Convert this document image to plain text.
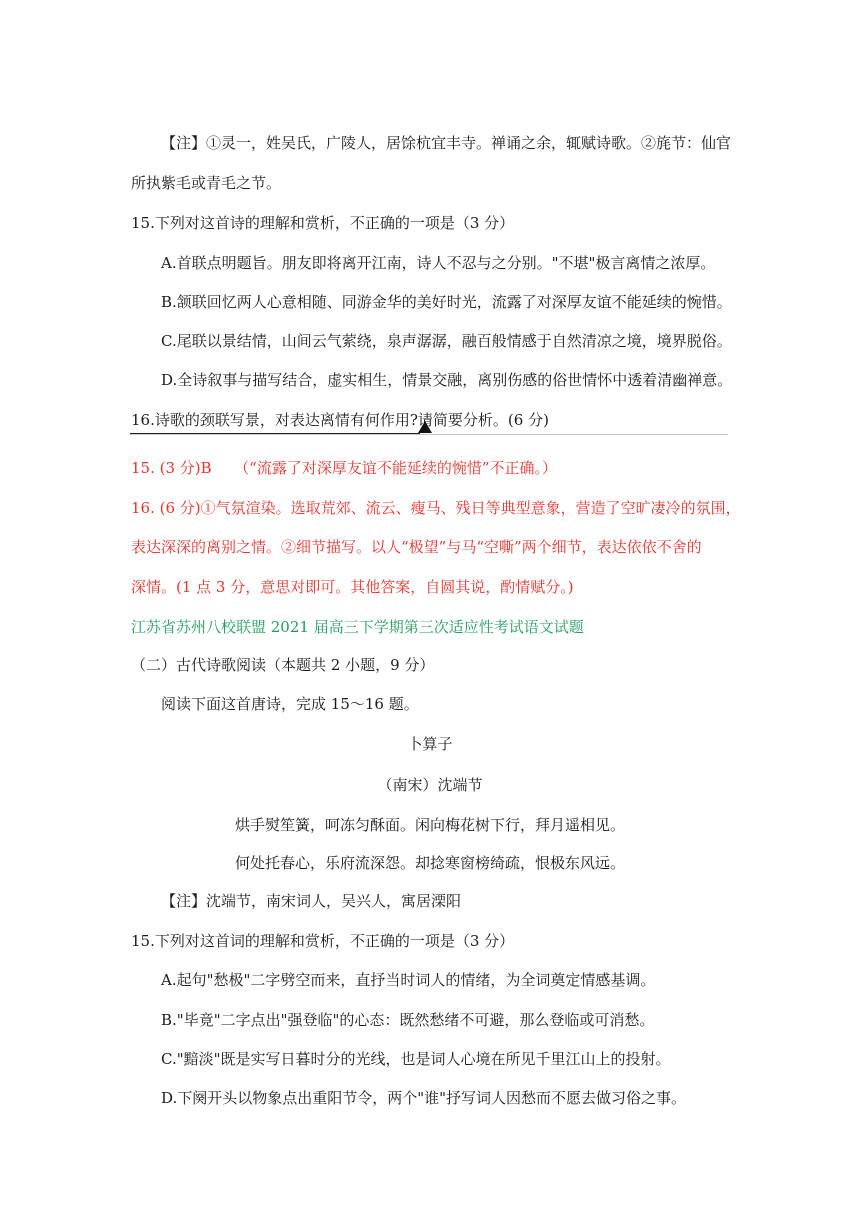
【注】①灵一，姓吴氏，广陵人，居馀杭宜丰寺。禅诵之余，辄赋诗歌。②旄节：仙官
所执紫毛或青毛之节。
15.下列对这首诗的理解和赏析，不正确的一项是（3 分）
A.首联点明题旨。朋友即将离开江南，诗人不忍与之分别。"不堪"极言离情之浓厚。
B.颔联回忆两人心意相随、同游金华的美好时光，流露了对深厚友谊不能延续的惋惜。
C.尾联以景结情，山间云气萦绕，泉声潺潺，融百般情感于自然清凉之境，境界脱俗。
D.全诗叙事与描写结合，虚实相生，情景交融，离别伤感的俗世情怀中透着清幽禅意。
16.诗歌的颈联写景，对表达离情有何作用?请简要分析。(6 分)
15. (3 分)B　　（“流露了对深厚友谊不能延续的惋惜”不正确。）
16. (6 分)①气氛渲染。选取荒郊、流云、瘦马、残日等典型意象，营造了空旷凄冷的氛围，
表达深深的离别之情。②细节描写。以人“极望”与马“空嘶”两个细节，表达依依不舍的
深情。(1 点 3 分，意思对即可。其他答案，自圆其说，酌情赋分。)
江苏省苏州八校联盟 2021 届高三下学期第三次适应性考试语文试题
（二）古代诗歌阅读（本题共 2 小题，9 分）
阅读下面这首唐诗，完成 15～16 题。
卜算子
（南宋）沈端节
烘手熨笙簧，呵冻匀酥面。闲向梅花树下行，拜月遥相见。
何处托春心，乐府流深怨。却捻寒窗榜绮疏，恨极东风远。
【注】沈端节，南宋词人，吴兴人，寓居溧阳
15.下列对这首词的理解和赏析，不正确的一项是（3 分）
A.起句"愁极"二字劈空而来，直抒当时词人的情绪，为全词奠定情感基调。
B."毕竟"二字点出"强登临"的心态：既然愁绪不可避，那么登临或可消愁。
C."黯淡"既是实写日暮时分的光线，也是词人心境在所见千里江山上的投射。
D.下阕开头以物象点出重阳节令，两个"谁"抒写词人因愁而不愿去做习俗之事。
